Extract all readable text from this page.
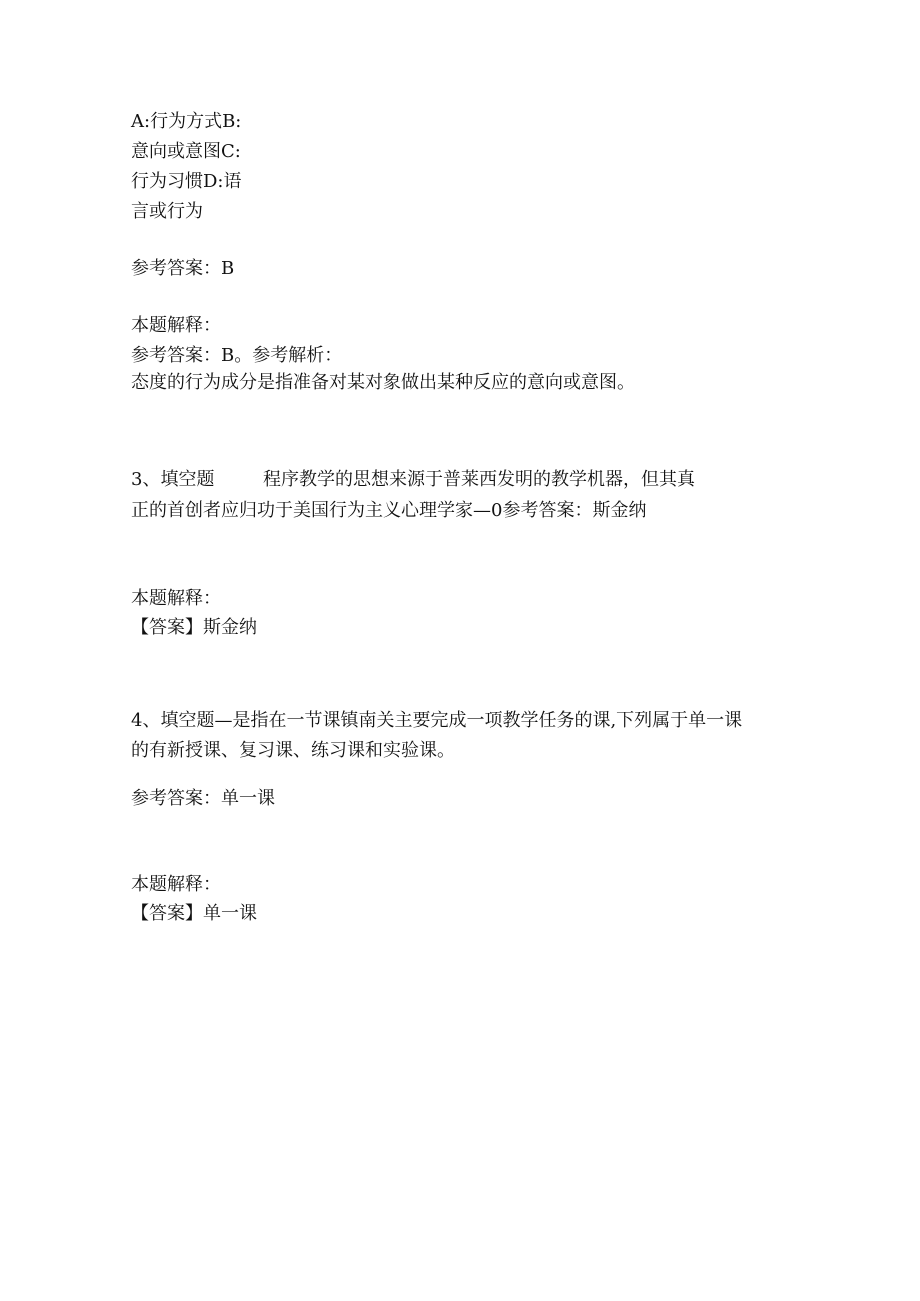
A:行为方式B:
意向或意图C:
行为习惯D:语
言或行为
参考答案：B
本题解释：
参考答案：B。参考解析：
态度的行为成分是指准备对某对象做出某种反应的意向或意图。
3、填空题	程序教学的思想来源于普莱西发明的教学机器，但其真
正的首创者应归功于美国行为主义心理学家—0参考答案：斯金纳
本题解释：
【答案】斯金纳
4、填空题—是指在一节课镇南关主要完成一项教学任务的课,下列属于单一课
的有新授课、复习课、练习课和实验课。
参考答案：单一课
本题解释：
【答案】单一课
